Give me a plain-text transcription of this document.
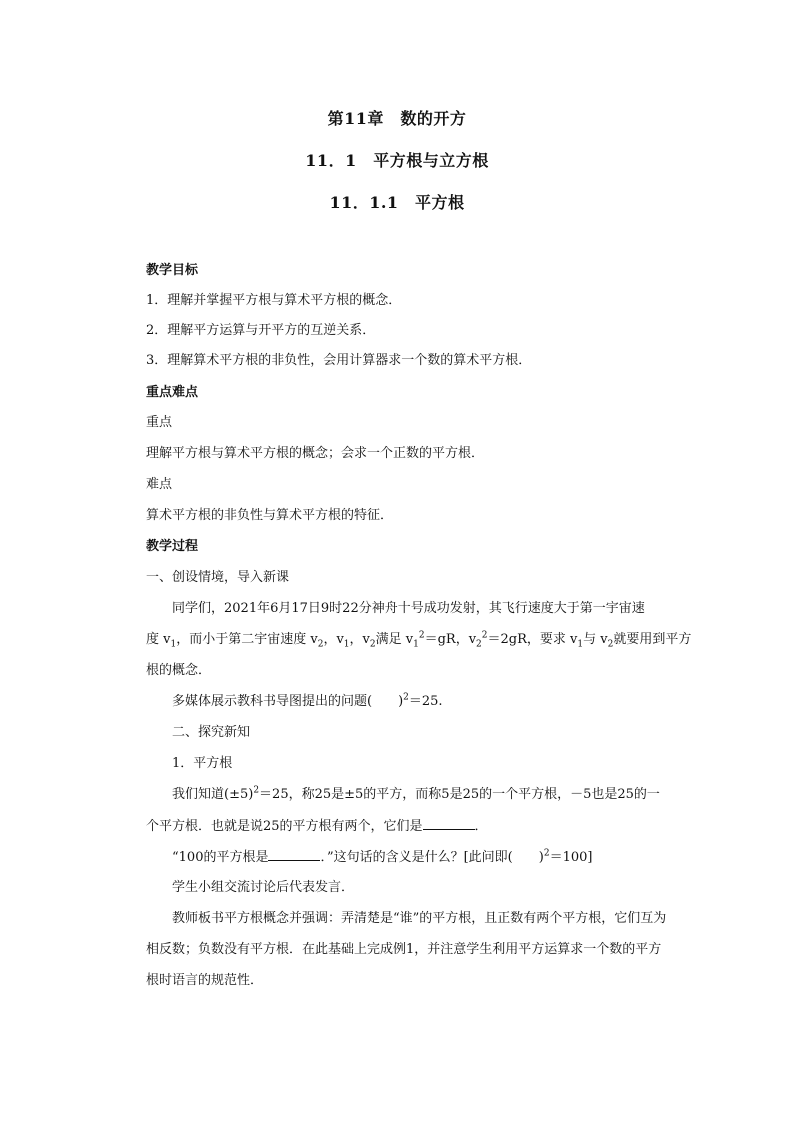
第11章　数的开方
11．1　平方根与立方根
11．1.1　平方根
教学目标
1．理解并掌握平方根与算术平方根的概念．
2．理解平方运算与开平方的互逆关系．
3．理解算术平方根的非负性，会用计算器求一个数的算术平方根．
重点难点
重点
理解平方根与算术平方根的概念；会求一个正数的平方根．
难点
算术平方根的非负性与算术平方根的特征．
教学过程
一、创设情境，导入新课
同学们，2021年6月17日9时22分神舟十号成功发射，其飞行速度大于第一宇宙速
度 $v_1$，而小于第二宇宙速度 $v_2$，$v_1$，$v_2$满足 $v_1^2=gR$，$v_2^2=2gR$，要求 $v_1$与 $v_2$就要用到平方
根的概念．
多媒体展示教科书导图提出的问题( )$^2$＝25.
二、探究新知
1．平方根
我们知道$(\pm 5)^2=25$，称25是±5的平方，而称5是25的一个平方根，－5也是25的一
个平方根．也就是说25的平方根有两个，它们是	．
“100的平方根是	．”这句话的含义是什么？[此问即( )$^2$＝100]
学生小组交流讨论后代表发言．
教师板书平方根概念并强调：弄清楚是“谁”的平方根，且正数有两个平方根，它们互为
相反数；负数没有平方根．在此基础上完成例1，并注意学生利用平方运算求一个数的平方
根时语言的规范性．
